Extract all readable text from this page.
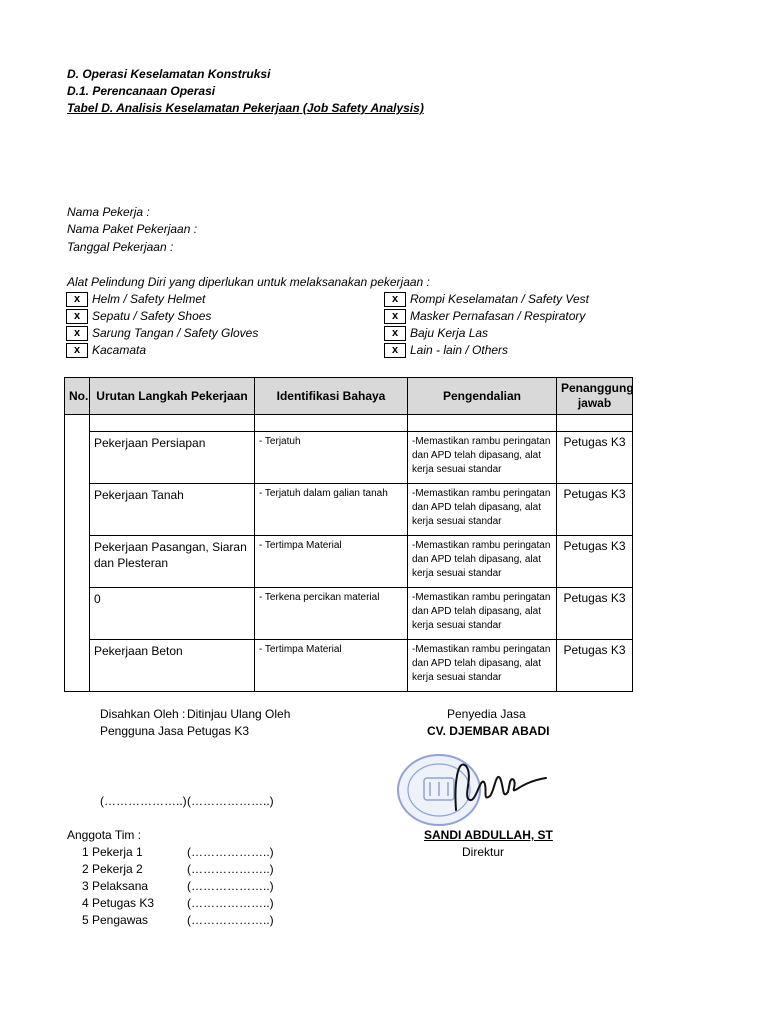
D. Operasi Keselamatan Konstruksi
D.1. Perencanaan Operasi
Tabel D. Analisis Keselamatan Pekerjaan (Job Safety Analysis)
Nama Pekerja :
Nama Paket Pekerjaan :
Tanggal Pekerjaan :
Alat Pelindung Diri yang diperlukan untuk melaksanakan pekerjaan :
x Helm / Safety Helmet
x Sepatu / Safety Shoes
x Sarung Tangan / Safety Gloves
x Kacamata
x Rompi Keselamatan / Safety Vest
x Masker Pernafasan / Respiratory
x Baju Kerja Las
x Lain - lain / Others
No.	Urutan Langkah Pekerjaan	Identifikasi Bahaya	Pengendalian	Penanggung jawab

	Pekerjaan Persiapan	- Terjatuh	-Memastikan rambu peringatan dan APD telah dipasang, alat kerja sesuai standar	Petugas K3
	Pekerjaan Tanah	- Terjatuh dalam galian tanah	-Memastikan rambu peringatan dan APD telah dipasang, alat kerja sesuai standar	Petugas K3
	Pekerjaan Pasangan, Siaran dan Plesteran	- Tertimpa Material	-Memastikan rambu peringatan dan APD telah dipasang, alat kerja sesuai standar	Petugas K3
	0	- Terkena percikan material	-Memastikan rambu peringatan dan APD telah dipasang, alat kerja sesuai standar	Petugas K3
	Pekerjaan Beton	- Tertimpa Material	-Memastikan rambu peringatan dan APD telah dipasang, alat kerja sesuai standar	Petugas K3
Disahkan Oleh :
Pengguna Jasa
Ditinjau Ulang Oleh
Petugas K3
Penyedia Jasa
CV. DJEMBAR ABADI
(………………..) (………………..)
SANDI ABDULLAH, ST
Direktur
Anggota Tim :
1 Pekerja 1	(………………..)
2 Pekerja 2	(………………..)
3 Pelaksana	(………………..)
4 Petugas K3	(………………..)
5 Pengawas	(………………..)
